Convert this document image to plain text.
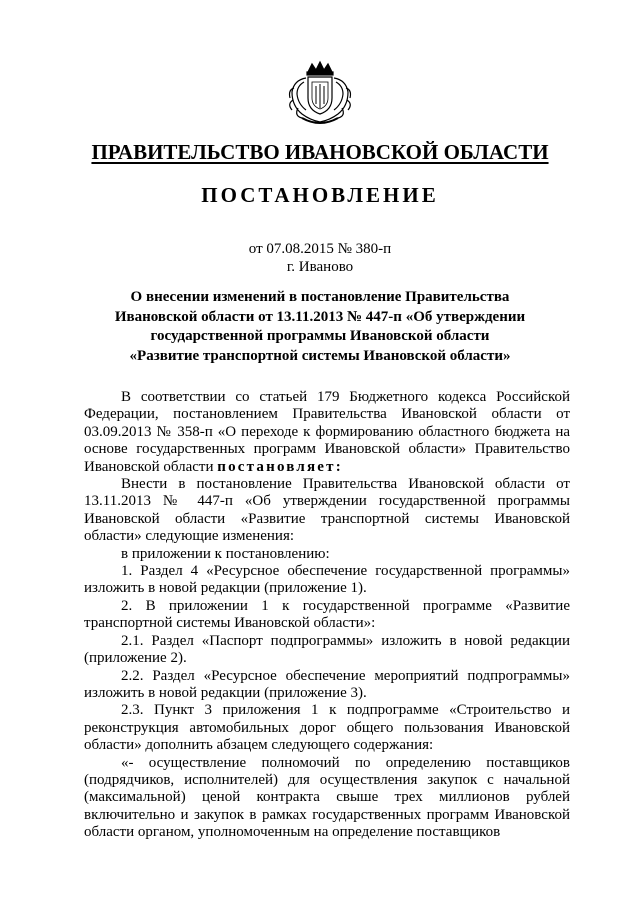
ПРАВИТЕЛЬСТВО ИВАНОВСКОЙ ОБЛАСТИ
ПОСТАНОВЛЕНИЕ
от 07.08.2015 № 380-п
г. Иваново
О внесении изменений в постановление Правительства
Ивановской области от 13.11.2013 № 447-п «Об утверждении
государственной программы Ивановской области
«Развитие транспортной системы Ивановской области»

В соответствии со статьей 179 Бюджетного кодекса Российской Федерации, постановлением Правительства Ивановской области от 03.09.2013 № 358-п «О переходе к формированию областного бюджета на основе государственных программ Ивановской области» Правительство Ивановской области постановляет:

Внести в постановление Правительства Ивановской области от 13.11.2013 № 447-п «Об утверждении государственной программы Ивановской области «Развитие транспортной системы Ивановской области» следующие изменения:

в приложении к постановлению:

1. Раздел 4 «Ресурсное обеспечение государственной программы» изложить в новой редакции (приложение 1).

2. В приложении 1 к государственной программе «Развитие транспортной системы Ивановской области»:

2.1. Раздел «Паспорт подпрограммы» изложить в новой редакции (приложение 2).

2.2. Раздел «Ресурсное обеспечение мероприятий подпрограммы» изложить в новой редакции (приложение 3).

2.3. Пункт 3 приложения 1 к подпрограмме «Строительство и реконструкция автомобильных дорог общего пользования Ивановской области» дополнить абзацем следующего содержания:

«- осуществление полномочий по определению поставщиков (подрядчиков, исполнителей) для осуществления закупок с начальной (максимальной) ценой контракта свыше трех миллионов рублей включительно и закупок в рамках государственных программ Ивановской области органом, уполномоченным на определение поставщиков
